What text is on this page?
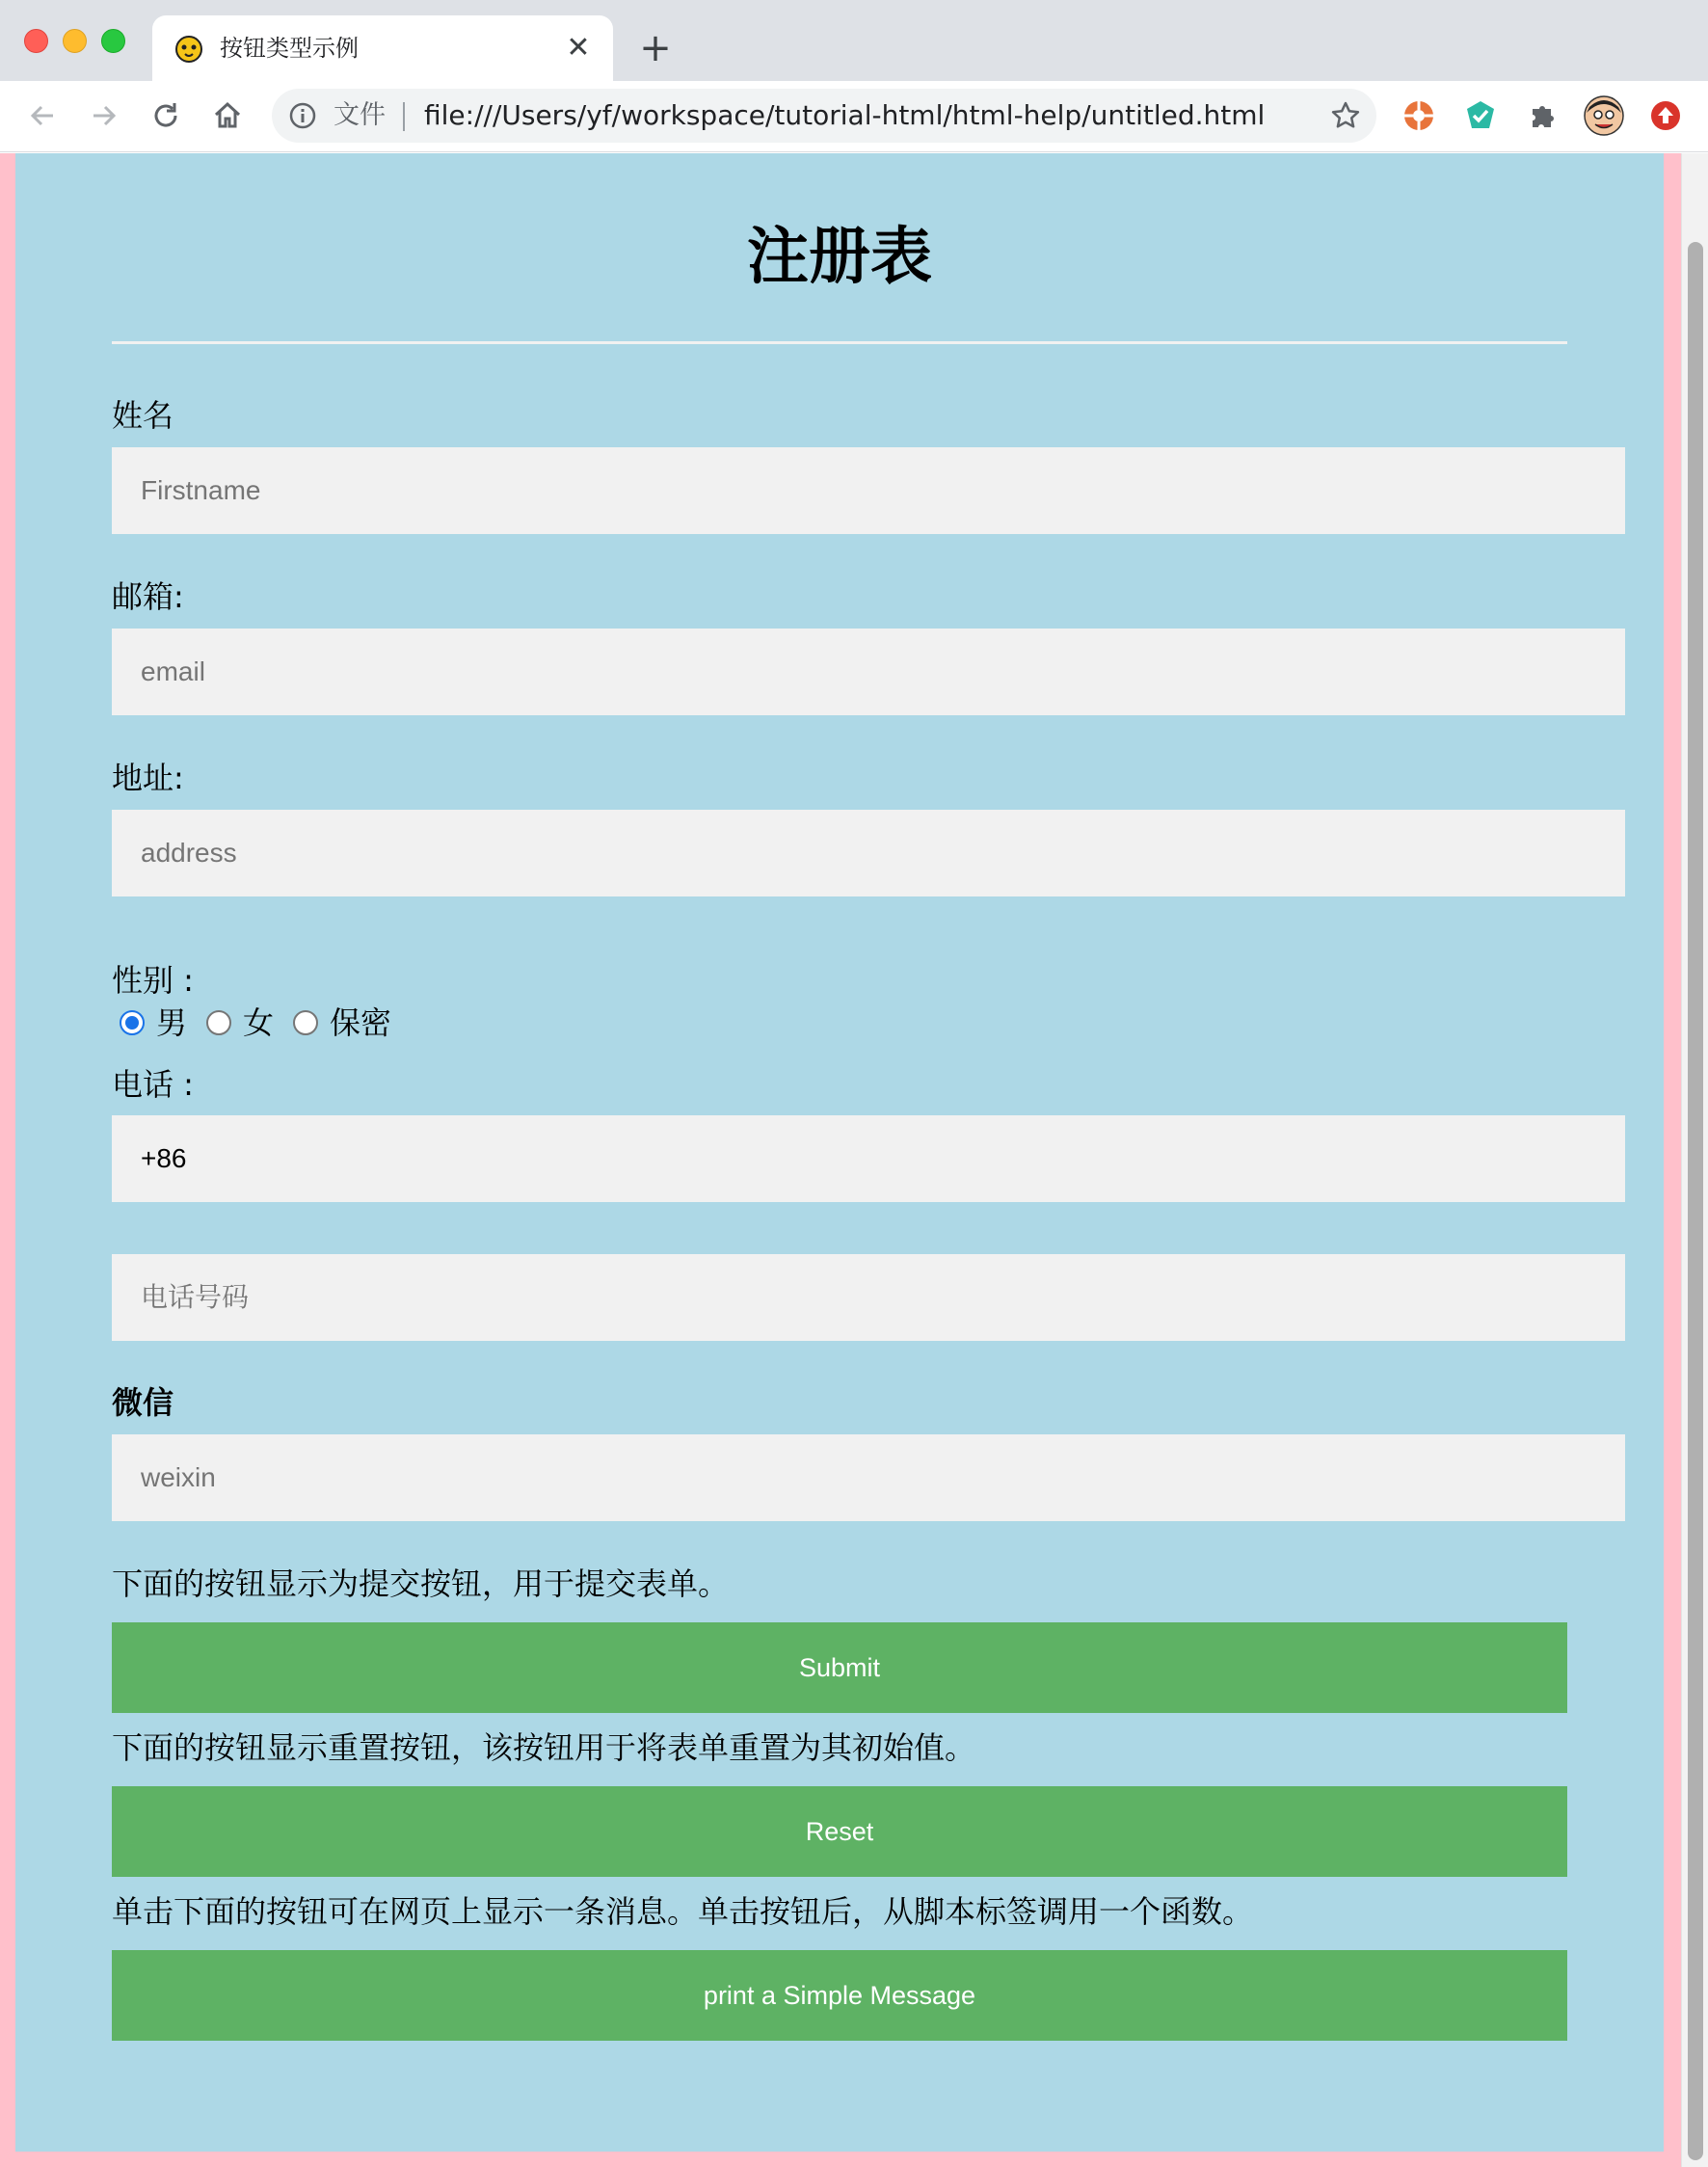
按钮类型示例	✕ +
文件 file:///Users/yf/workspace/tutorial-html/html-help/untitled.html
注册表
姓名
Firstname
邮箱:
email
地址:
address
性别 :
男 女 保密
电话 :
+86
电话号码
微信
weixin

下面的按钮显示为提交按钮，用于提交表单。

Submit

下面的按钮显示重置按钮，该按钮用于将表单重置为其初始值。

Reset

单击下面的按钮可在网页上显示一条消息。单击按钮后，从脚本标签调用一个函数。

print a Simple Message
